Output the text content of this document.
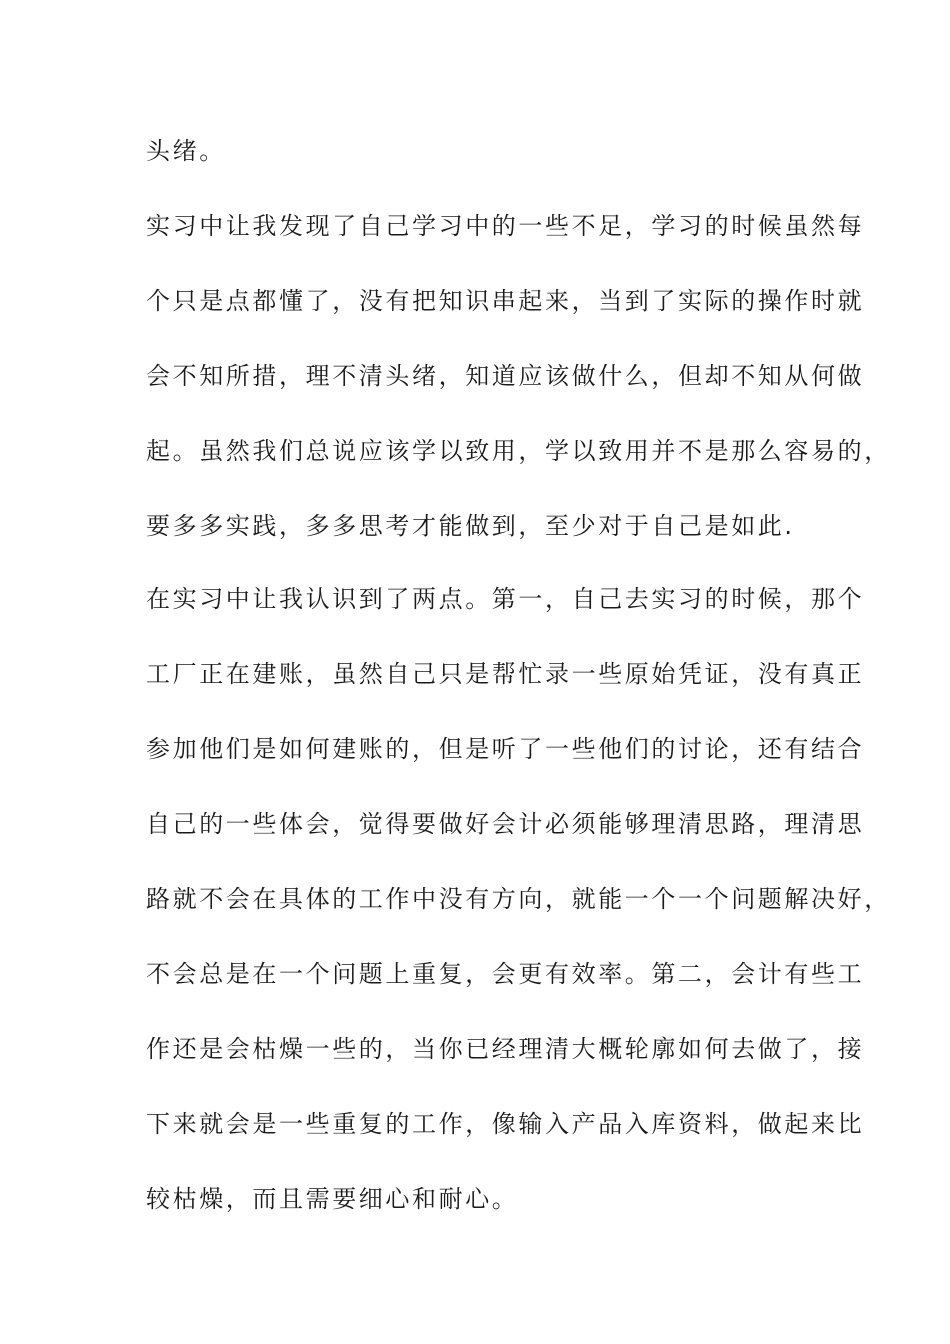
头绪。
实习中让我发现了自己学习中的一些不足，学习的时候虽然每
个只是点都懂了，没有把知识串起来，当到了实际的操作时就
会不知所措，理不清头绪，知道应该做什么，但却不知从何做
起。虽然我们总说应该学以致用，学以致用并不是那么容易的，
要多多实践，多多思考才能做到，至少对于自己是如此.
在实习中让我认识到了两点。第一，自己去实习的时候，那个
工厂正在建账，虽然自己只是帮忙录一些原始凭证，没有真正
参加他们是如何建账的，但是听了一些他们的讨论，还有结合
自己的一些体会，觉得要做好会计必须能够理清思路，理清思
路就不会在具体的工作中没有方向，就能一个一个问题解决好，
不会总是在一个问题上重复，会更有效率。第二，会计有些工
作还是会枯燥一些的，当你已经理清大概轮廓如何去做了，接
下来就会是一些重复的工作，像输入产品入库资料，做起来比
较枯燥，而且需要细心和耐心。
